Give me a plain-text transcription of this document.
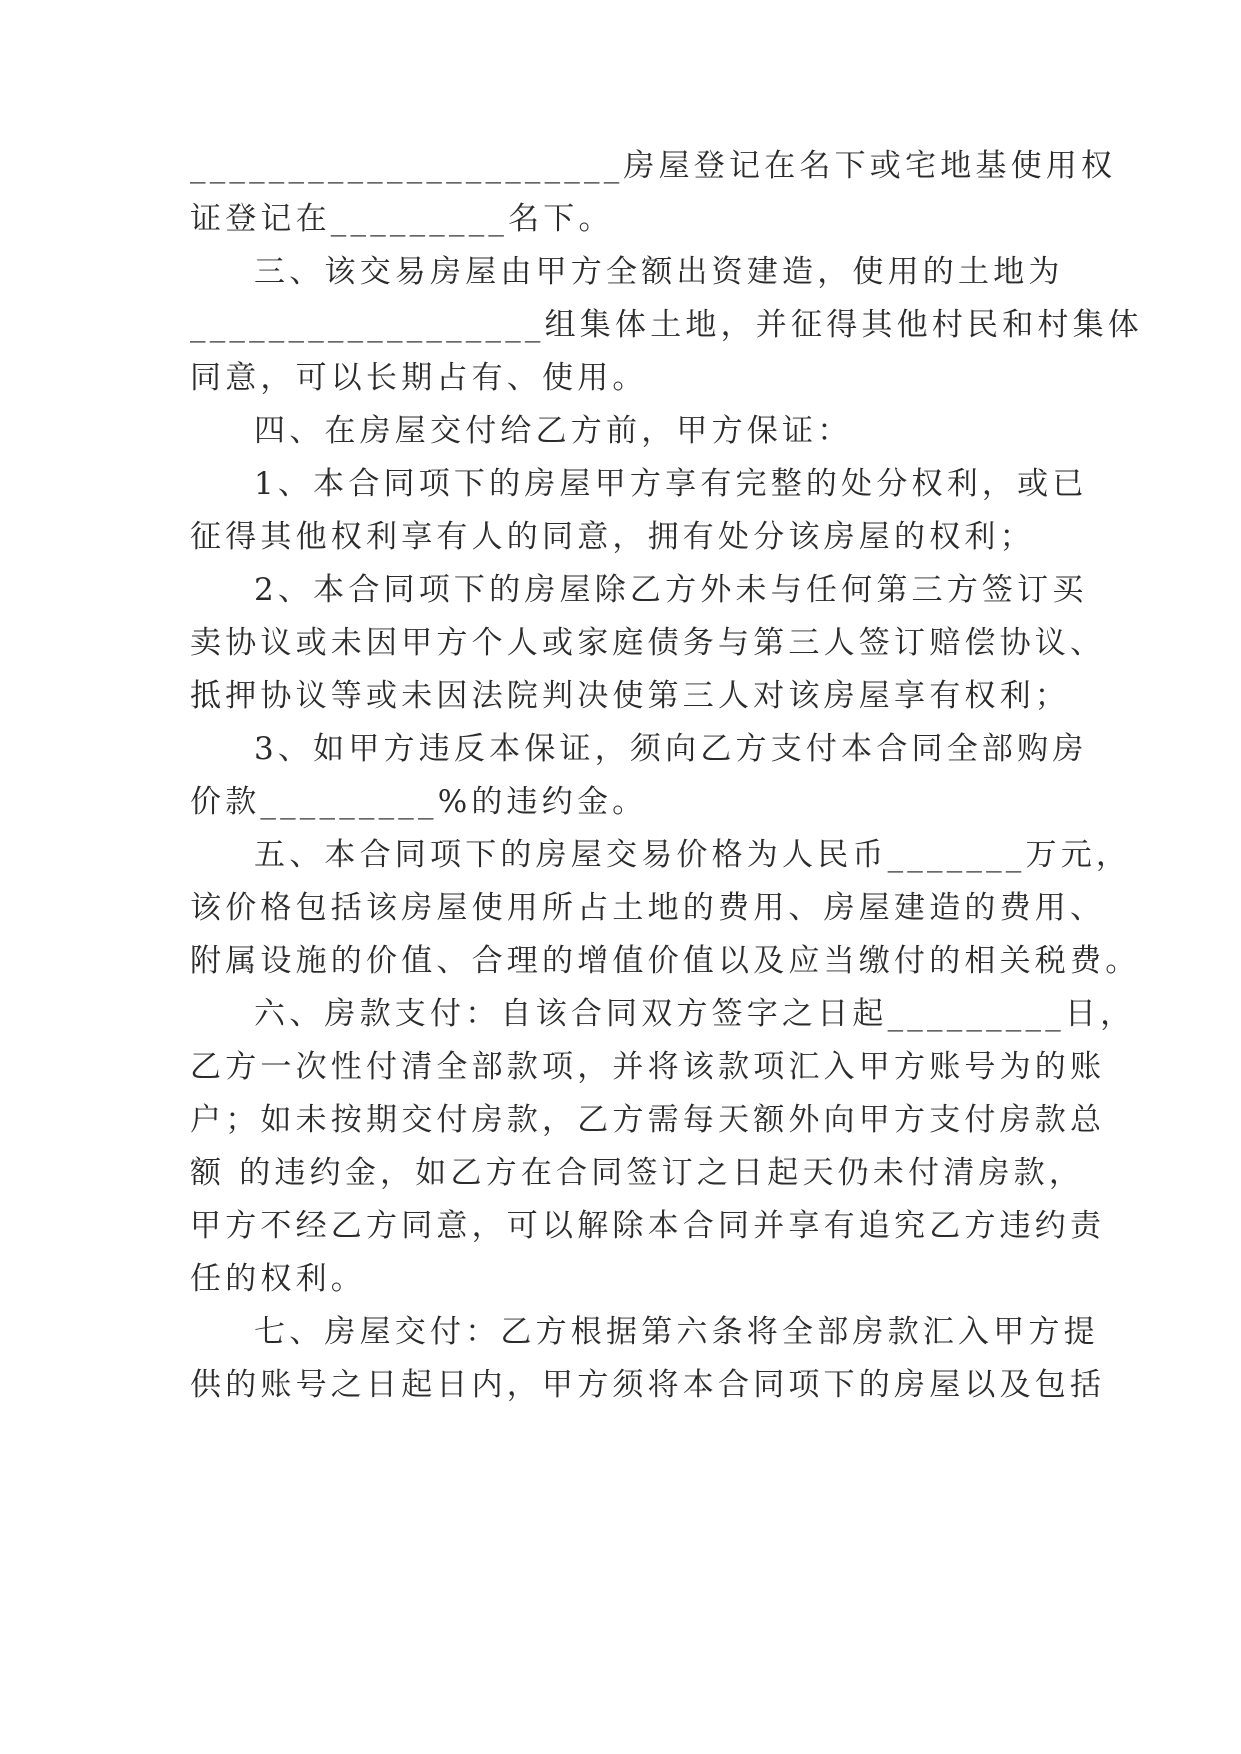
______________________房屋登记在名下或宅地基使用权
证登记在_________名下。
三、该交易房屋由甲方全额出资建造，使用的土地为
__________________组集体土地，并征得其他村民和村集体
同意，可以长期占有、使用。
四、在房屋交付给乙方前，甲方保证：
1、本合同项下的房屋甲方享有完整的处分权利，或已
征得其他权利享有人的同意，拥有处分该房屋的权利；
2、本合同项下的房屋除乙方外未与任何第三方签订买
卖协议或未因甲方个人或家庭债务与第三人签订赔偿协议、
抵押协议等或未因法院判决使第三人对该房屋享有权利；
3、如甲方违反本保证，须向乙方支付本合同全部购房
价款_________%的违约金。
五、本合同项下的房屋交易价格为人民币_______万元，
该价格包括该房屋使用所占土地的费用、房屋建造的费用、
附属设施的价值、合理的增值价值以及应当缴付的相关税费。
六、房款支付：自该合同双方签字之日起_________日，
乙方一次性付清全部款项，并将该款项汇入甲方账号为的账
户；如未按期交付房款，乙方需每天额外向甲方支付房款总
额 的违约金，如乙方在合同签订之日起天仍未付清房款，
甲方不经乙方同意，可以解除本合同并享有追究乙方违约责
任的权利。
七、房屋交付：乙方根据第六条将全部房款汇入甲方提
供的账号之日起日内，甲方须将本合同项下的房屋以及包括
